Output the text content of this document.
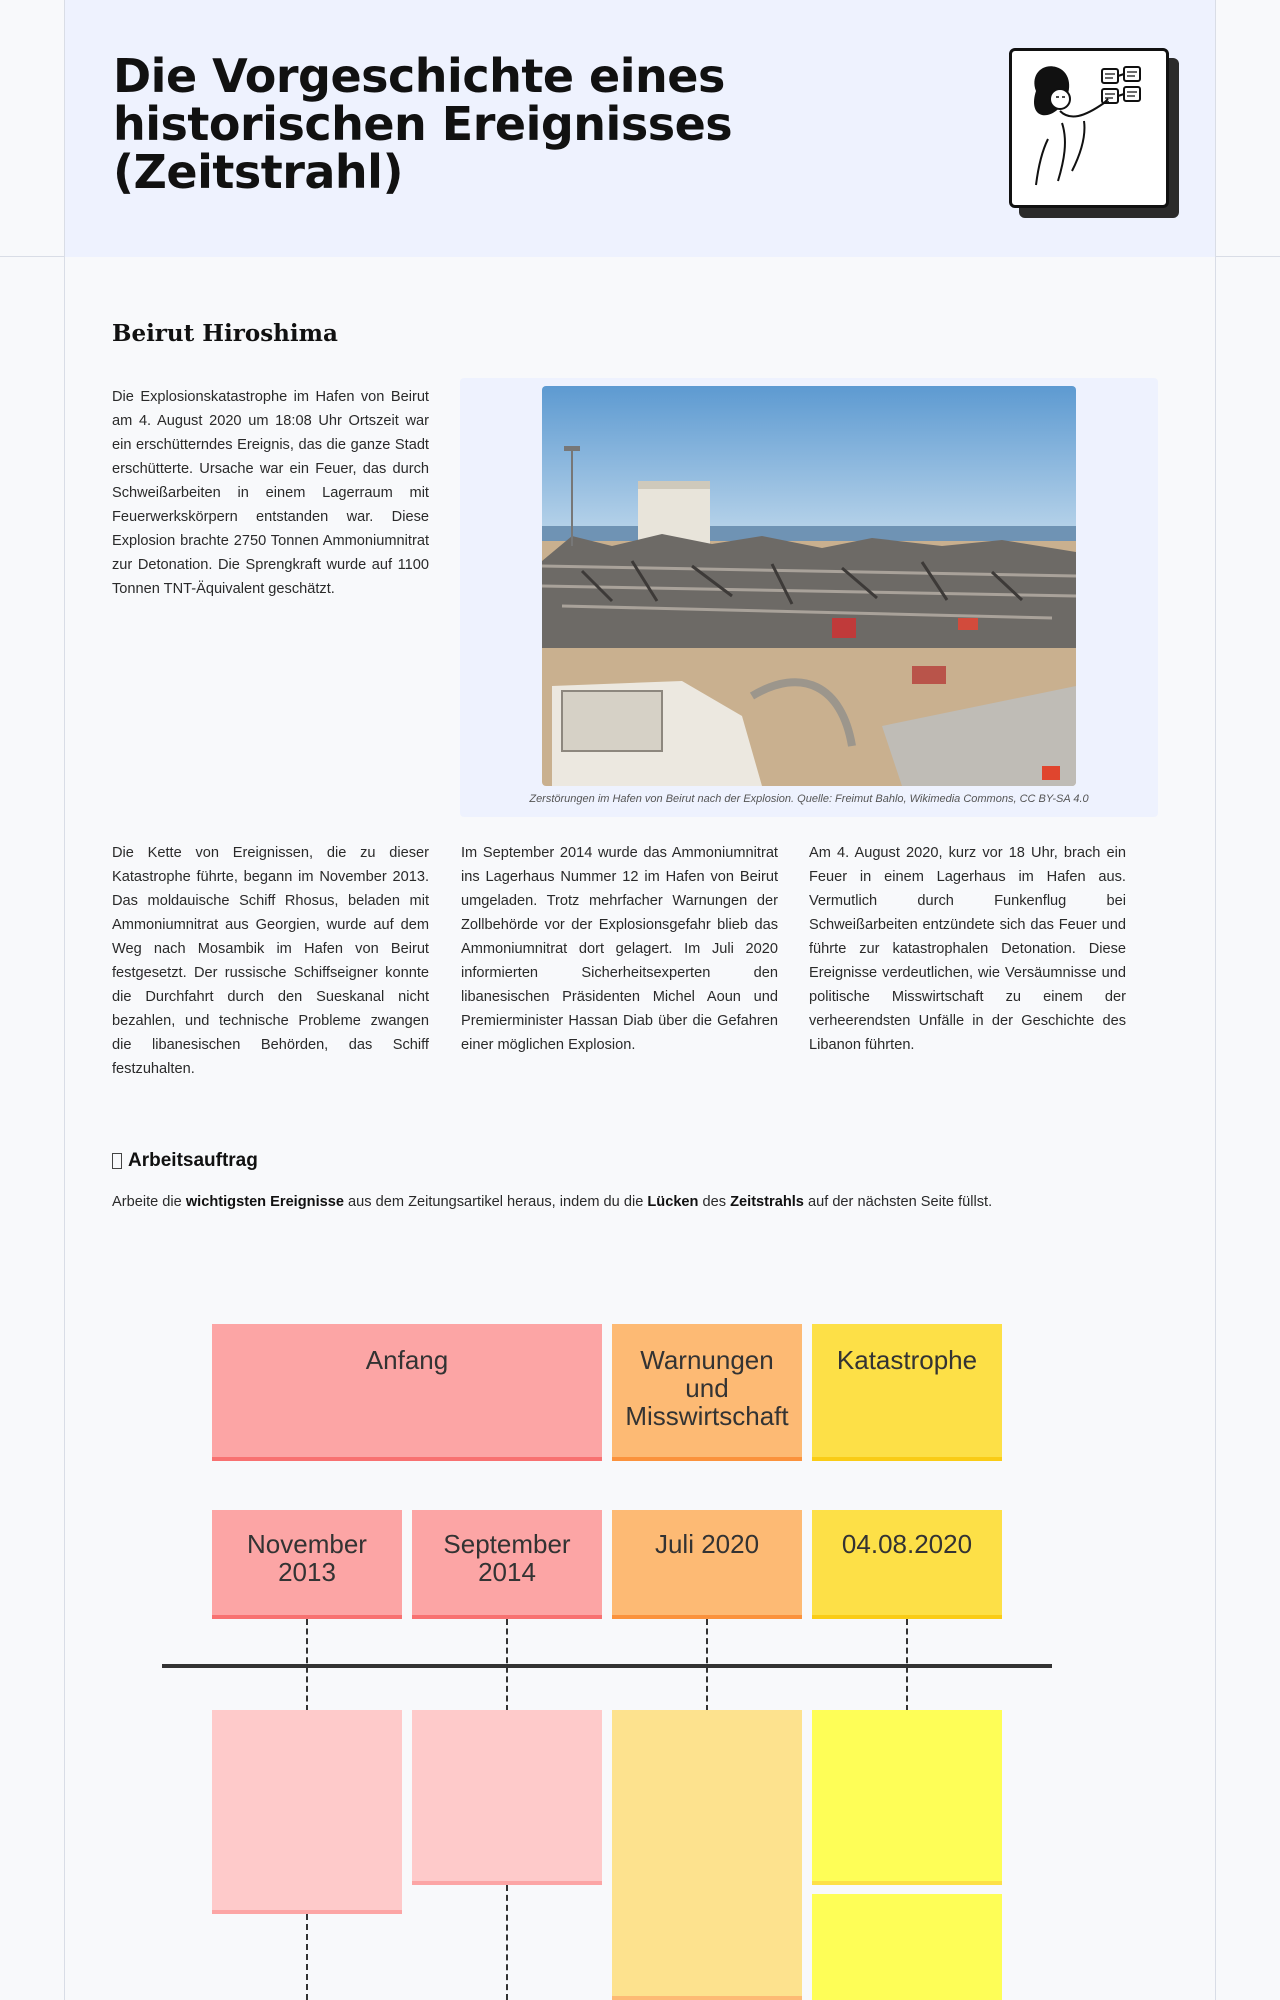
Die Vorgeschichte eines historischen Ereignisses (Zeitstrahl)
Beirut Hiroshima

Die Explosionskatastrophe im Hafen von Beirut am 4. August 2020 um 18:08 Uhr Ortszeit war ein erschütterndes Ereignis, das die ganze Stadt erschütterte. Ursache war ein Feuer, das durch Schweißarbeiten in einem Lagerraum mit Feuerwerkskörpern entstanden war. Diese Explosion brachte 2750 Tonnen Ammoniumnitrat zur Detonation. Die Sprengkraft wurde auf 1100 Tonnen TNT-Äquivalent geschätzt.

Zerstörungen im Hafen von Beirut nach der Explosion. Quelle: Freimut Bahlo, Wikimedia Commons, CC BY-SA 4.0

Die Kette von Ereignissen, die zu dieser Katastrophe führte, begann im November 2013. Das moldauische Schiff Rhosus, beladen mit Ammoniumnitrat aus Georgien, wurde auf dem Weg nach Mosambik im Hafen von Beirut festgesetzt. Der russische Schiffseigner konnte die Durchfahrt durch den Sueskanal nicht bezahlen, und technische Probleme zwangen die libanesischen Behörden, das Schiff festzuhalten.

Im September 2014 wurde das Ammoniumnitrat ins Lagerhaus Nummer 12 im Hafen von Beirut umgeladen. Trotz mehrfacher Warnungen der Zollbehörde vor der Explosionsgefahr blieb das Ammoniumnitrat dort gelagert. Im Juli 2020 informierten Sicherheitsexperten den libanesischen Präsidenten Michel Aoun und Premierminister Hassan Diab über die Gefahren einer möglichen Explosion.

Am 4. August 2020, kurz vor 18 Uhr, brach ein Feuer in einem Lagerhaus im Hafen aus. Vermutlich durch Funkenflug bei Schweißarbeiten entzündete sich das Feuer und führte zur katastrophalen Detonation. Diese Ereignisse verdeutlichen, wie Versäumnisse und politische Misswirtschaft zu einem der verheerendsten Unfälle in der Geschichte des Libanon führten.

Arbeitsauftrag

Arbeite die wichtigsten Ereignisse aus dem Zeitungsartikel heraus, indem du die Lücken des Zeitstrahls auf der nächsten Seite füllst.

Anfang	Warnungen und Misswirtschaft
Katastrophe
November 2013
September 2014
Juli 2020	04.08.2020
